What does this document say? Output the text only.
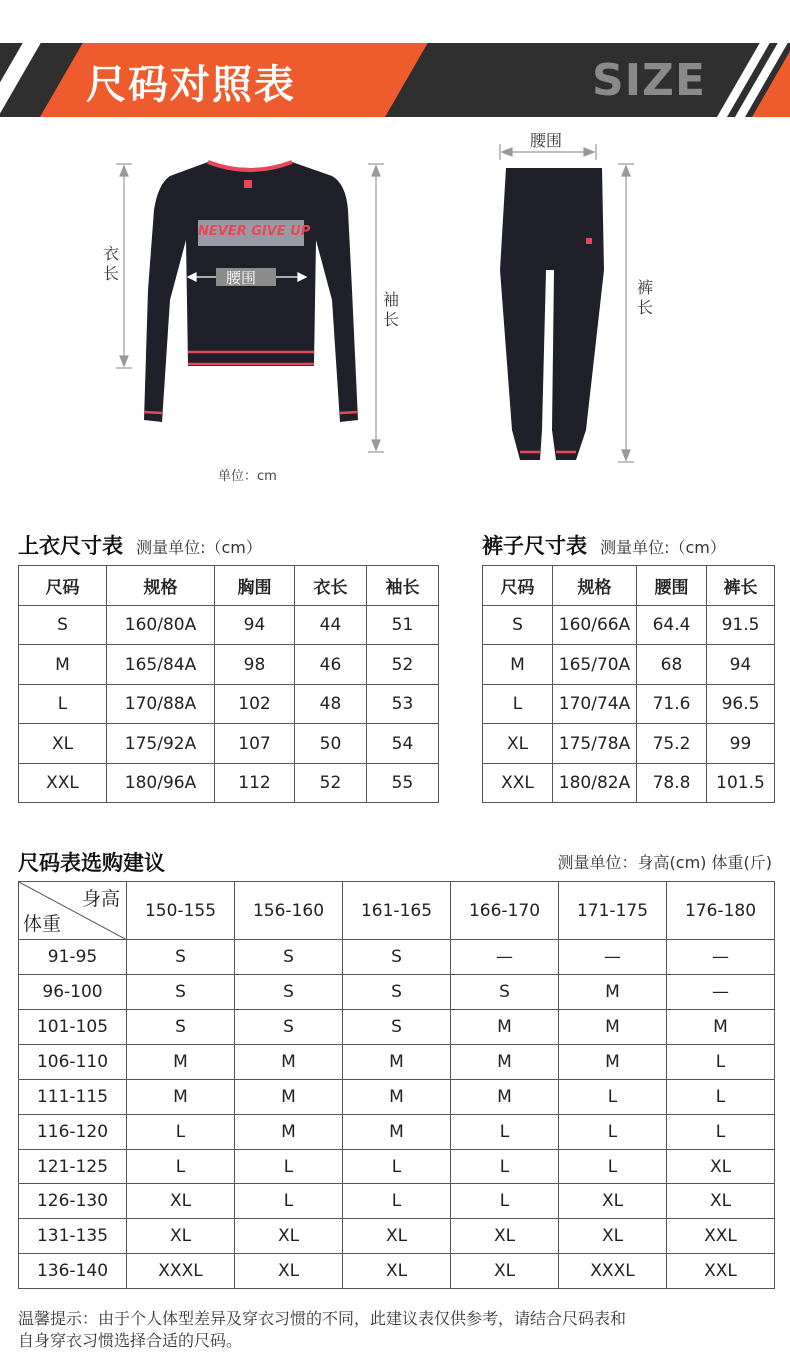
尺码对照表	SIZE
NEVER GIVE UP
腰围
衣长
袖长
单位：cm
腰围
裤长
上衣尺寸表 测量单位:（cm）
尺码	规格	胸围	衣长	袖长
S	160/80A	94	44	51
M	165/84A	98	46	52
L	170/88A	102	48	53
XL	175/92A	107	50	54
XXL	180/96A	112	52	55
裤子尺寸表 测量单位:（cm）
尺码	规格	腰围	裤长
S	160/66A	64.4	91.5
M	165/70A	68	94
L	170/74A	71.6	96.5
XL	175/78A	75.2	99
XXL	180/82A	78.8	101.5
尺码表选购建议	测量单位：身高(cm) 体重(斤)
身高
体重	150-155	156-160	161-165	166-170	171-175	176-180
91-95	S	S	S	—	—	—
96-100	S	S	S	S	M	—
101-105	S	S	S	M	M	M
106-110	M	M	M	M	M	L
111-115	M	M	M	M	L	L
116-120	L	M	M	L	L	L
121-125	L	L	L	L	L	XL
126-130	XL	L	L	L	XL	XL
131-135	XL	XL	XL	XL	XL	XXL
136-140	XXXL	XL	XL	XL	XXXL	XXL
温馨提示：由于个人体型差异及穿衣习惯的不同，此建议表仅供参考，请结合尺码表和
自身穿衣习惯选择合适的尺码。
